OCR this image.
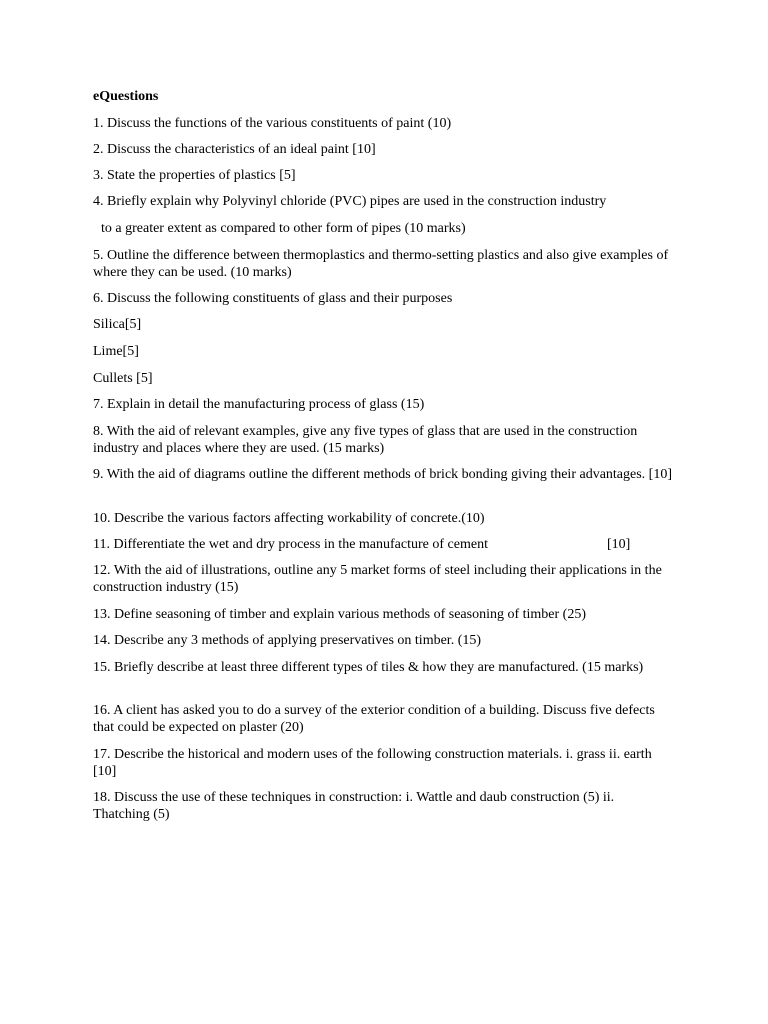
eQuestions

1. Discuss the functions of the various constituents of paint (10)

2. Discuss the characteristics of an ideal paint [10]

3. State the properties of plastics [5]

4. Briefly explain why Polyvinyl chloride (PVC) pipes are used in the construction industry

to a greater extent as compared to other form of pipes (10 marks)

5. Outline the difference between thermoplastics and thermo-setting plastics and also give examples of where they can be used. (10 marks)

6. Discuss the following constituents of glass and their purposes

Silica[5]

Lime[5]

Cullets [5]

7. Explain in detail the manufacturing process of glass (15)

8. With the aid of relevant examples, give any five types of glass that are used in the construction industry and places where they are used. (15 marks)

9. With the aid of diagrams outline the different methods of brick bonding giving their advantages. [10]

10. Describe the various factors affecting workability of concrete.(10)

11. Differentiate the wet and dry process in the manufacture of cement	[10]

12. With the aid of illustrations, outline any 5 market forms of steel including their applications in the construction industry (15)

13. Define seasoning of timber and explain various methods of seasoning of timber (25)

14. Describe any 3 methods of applying preservatives on timber. (15)

15. Briefly describe at least three different types of tiles & how they are manufactured. (15 marks)

16. A client has asked you to do a survey of the exterior condition of a building. Discuss five defects that could be expected on plaster (20)

17. Describe the historical and modern uses of the following construction materials. i. grass ii. earth [10]

18. Discuss the use of these techniques in construction: i. Wattle and daub construction (5) ii. Thatching (5)
